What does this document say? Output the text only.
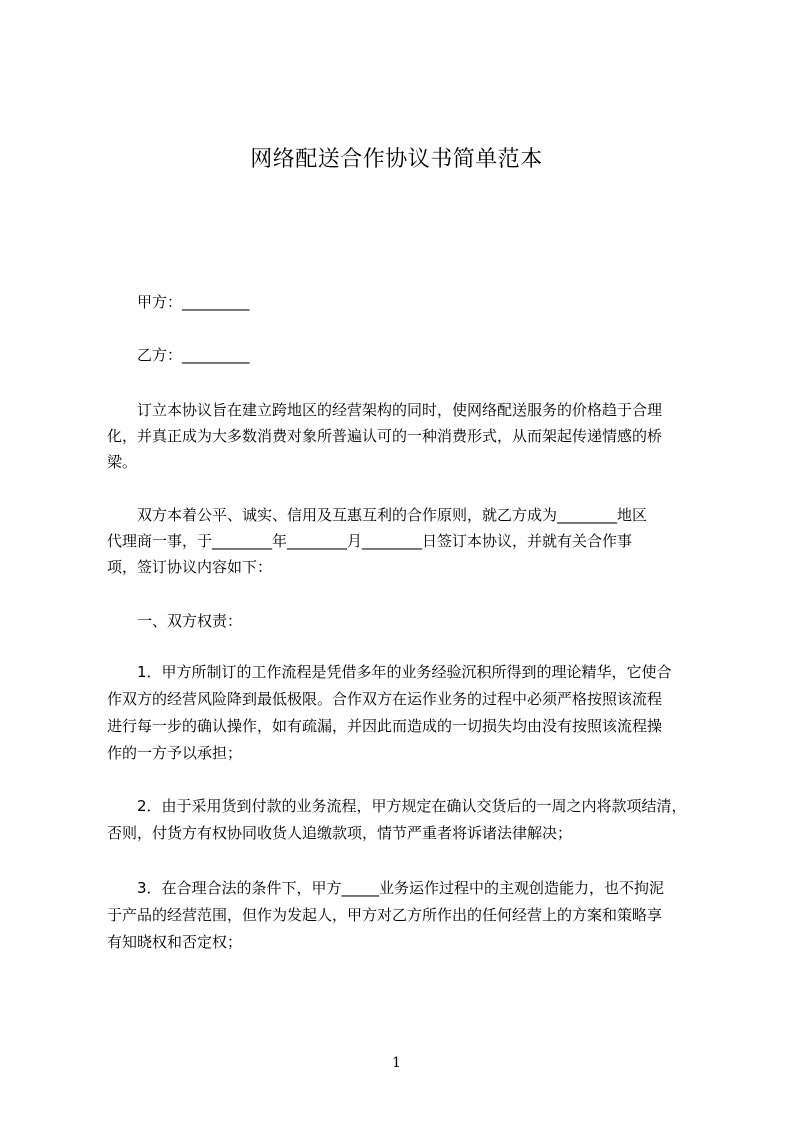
网络配送合作协议书简单范本
甲方：_________
乙方：_________
订立本协议旨在建立跨地区的经营架构的同时，使网络配送服务的价格趋于合理
化，并真正成为大多数消费对象所普遍认可的一种消费形式，从而架起传递情感的桥
梁。
双方本着公平、诚实、信用及互惠互利的合作原则，就乙方成为________地区
代理商一事，于________年________月________日签订本协议，并就有关合作事
项，签订协议内容如下：
一、双方权责：
1．甲方所制订的工作流程是凭借多年的业务经验沉积所得到的理论精华，它使合
作双方的经营风险降到最低极限。合作双方在运作业务的过程中必须严格按照该流程
进行每一步的确认操作，如有疏漏，并因此而造成的一切损失均由没有按照该流程操
作的一方予以承担；
2．由于采用货到付款的业务流程，甲方规定在确认交货后的一周之内将款项结清，
否则，付货方有权协同收货人追缴款项，情节严重者将诉诸法律解决；
3．在合理合法的条件下，甲方_____业务运作过程中的主观创造能力，也不拘泥
于产品的经营范围，但作为发起人，甲方对乙方所作出的任何经营上的方案和策略享
有知晓权和否定权；
1
